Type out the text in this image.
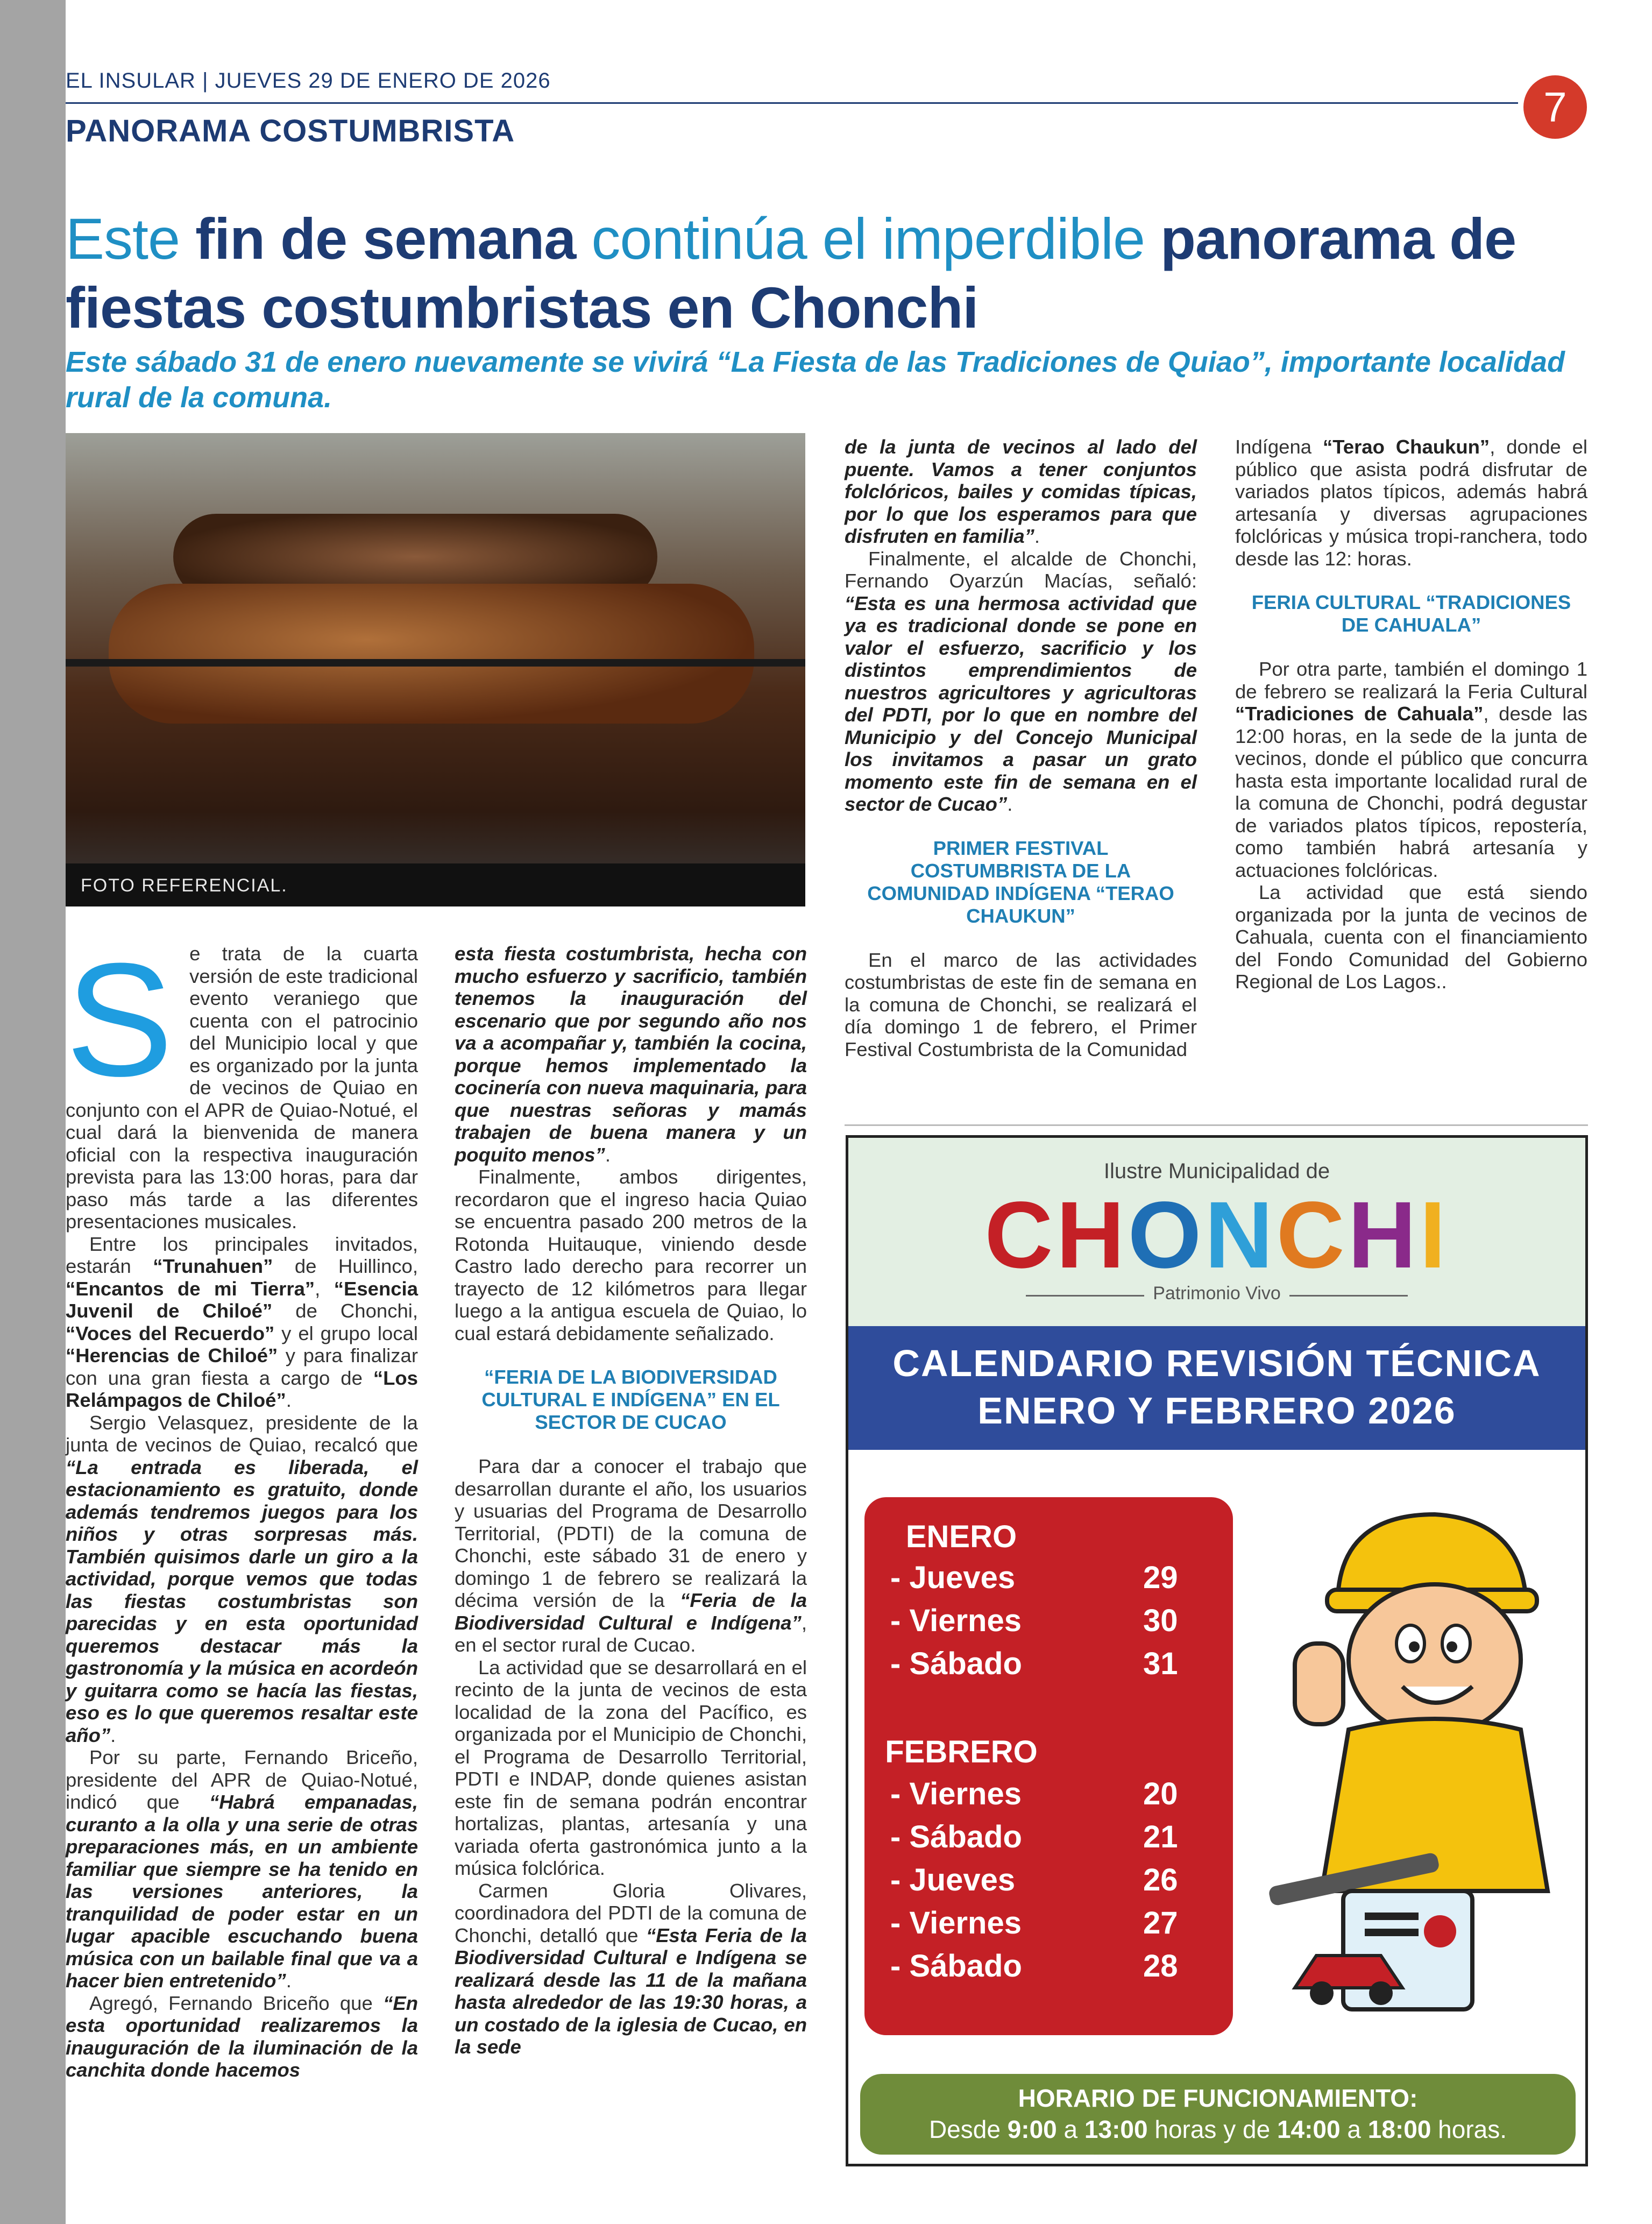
EL INSULAR | JUEVES 29 DE ENERO DE 2026
PANORAMA COSTUMBRISTA
7
Este fin de semana continúa el imperdible panorama de fiestas costumbristas en Chonchi
Este sábado 31 de enero nuevamente se vivirá “La Fiesta de las Tradiciones de Quiao”, importante localidad rural de la comuna.
FOTO REFERENCIAL.

Se trata de la cuarta versión de este tradicional evento veraniego que cuenta con el patrocinio del Municipio local y que es organizado por la junta de vecinos de Quiao en conjunto con el APR de Quiao-Notué, el cual dará la bienvenida de manera oficial con la respectiva inauguración prevista para las 13:00 horas, para dar paso más tarde a las diferentes presentaciones musicales.

Entre los principales invitados, estarán “Trunahuen” de Huillinco, “Encantos de mi Tierra”, “Esencia Juvenil de Chiloé” de Chonchi, “Voces del Recuerdo” y el grupo local “Herencias de Chiloé” y para finalizar con una gran fiesta a cargo de “Los Relámpagos de Chiloé”.

Sergio Velasquez, presidente de la junta de vecinos de Quiao, recalcó que “La entrada es liberada, el estacionamiento es gratuito, donde además tendremos juegos para los niños y otras sorpresas más. También quisimos darle un giro a la actividad, porque vemos que todas las fiestas costumbristas son parecidas y en esta oportunidad queremos destacar más la gastronomía y la música en acordeón y guitarra como se hacía las fiestas, eso es lo que queremos resaltar este año”.

Por su parte, Fernando Briceño, presidente del APR de Quiao-Notué, indicó que “Habrá empanadas, curanto a la olla y una serie de otras preparaciones más, en un ambiente familiar que siempre se ha tenido en las versiones anteriores, la tranquilidad de poder estar en un lugar apacible escuchando buena música con un bailable final que va a hacer bien entretenido”.

Agregó, Fernando Briceño que “En esta oportunidad realizaremos la inauguración de la iluminación de la canchita donde hacemos

esta fiesta costumbrista, hecha con mucho esfuerzo y sacrificio, también tenemos la inauguración del escenario que por segundo año nos va a acompañar y, también la cocina, porque hemos implementado la cocinería con nueva maquinaria, para que nuestras señoras y mamás trabajen de buena manera y un poquito menos”.

Finalmente, ambos dirigentes, recordaron que el ingreso hacia Quiao se encuentra pasado 200 metros de la Rotonda Huitauque, viniendo desde Castro lado derecho para recorrer un trayecto de 12 kilómetros para llegar luego a la antigua escuela de Quiao, lo cual estará debidamente señalizado.

“FERIA DE LA BIODIVERSIDAD CULTURAL E INDÍGENA” EN EL SECTOR DE CUCAO

Para dar a conocer el trabajo que desarrollan durante el año, los usuarios y usuarias del Programa de Desarrollo Territorial, (PDTI) de la comuna de Chonchi, este sábado 31 de enero y domingo 1 de febrero se realizará la décima versión de la “Feria de la Biodiversidad Cultural e Indígena”, en el sector rural de Cucao.

La actividad que se desarrollará en el recinto de la junta de vecinos de esta localidad de la zona del Pacífico, es organizada por el Municipio de Chonchi, el Programa de Desarrollo Territorial, PDTI e INDAP, donde quienes asistan este fin de semana podrán encontrar hortalizas, plantas, artesanía y una variada oferta gastronómica junto a la música folclórica.

Carmen Gloria Olivares, coordinadora del PDTI de la comuna de Chonchi, detalló que “Esta Feria de la Biodiversidad Cultural e Indígena se realizará desde las 11 de la mañana hasta alrededor de las 19:30 horas, a un costado de la iglesia de Cucao, en la sede

de la junta de vecinos al lado del puente. Vamos a tener conjuntos folclóricos, bailes y comidas típicas, por lo que los esperamos para que disfruten en familia”.

Finalmente, el alcalde de Chonchi, Fernando Oyarzún Macías, señaló: “Esta es una hermosa actividad que ya es tradicional donde se pone en valor el esfuerzo, sacrificio y los distintos emprendimientos de nuestros agricultores y agricultoras del PDTI, por lo que en nombre del Municipio y del Concejo Municipal los invitamos a pasar un grato momento este fin de semana en el sector de Cucao”.

PRIMER FESTIVAL COSTUMBRISTA DE LA COMUNIDAD INDÍGENA “TERAO CHAUKUN”

En el marco de las actividades costumbristas de este fin de semana en la comuna de Chonchi, se realizará el día domingo 1 de febrero, el Primer Festival Costumbrista de la Comunidad

Indígena “Terao Chaukun”, donde el público que asista podrá disfrutar de variados platos típicos, además habrá artesanía y diversas agrupaciones folclóricas y música tropi-ranchera, todo desde las 12: horas.

FERIA CULTURAL “TRADICIONES DE CAHUALA”

Por otra parte, también el domingo 1 de febrero se realizará la Feria Cultural “Tradiciones de Cahuala”, desde las 12:00 horas, en la sede de la junta de vecinos, donde el público que concurra hasta esta importante localidad rural de la comuna de Chonchi, podrá degustar de variados platos típicos, repostería, como también habrá artesanía y actuaciones folclóricas.

La actividad que está siendo organizada por la junta de vecinos de Cahuala, cuenta con el financiamiento del Fondo Comunidad del Gobierno Regional de Los Lagos..

Ilustre Municipalidad de
CHONCHI
Patrimonio Vivo
CALENDARIO REVISIÓN TÉCNICA
ENERO Y FEBRERO 2026
ENERO
- Jueves	29
- Viernes	30
- Sábado	31
FEBRERO
- Viernes	20
- Sábado	21
- Jueves	26
- Viernes	27
- Sábado	28
HORARIO DE FUNCIONAMIENTO:
Desde 9:00 a 13:00 horas y de 14:00 a 18:00 horas.
